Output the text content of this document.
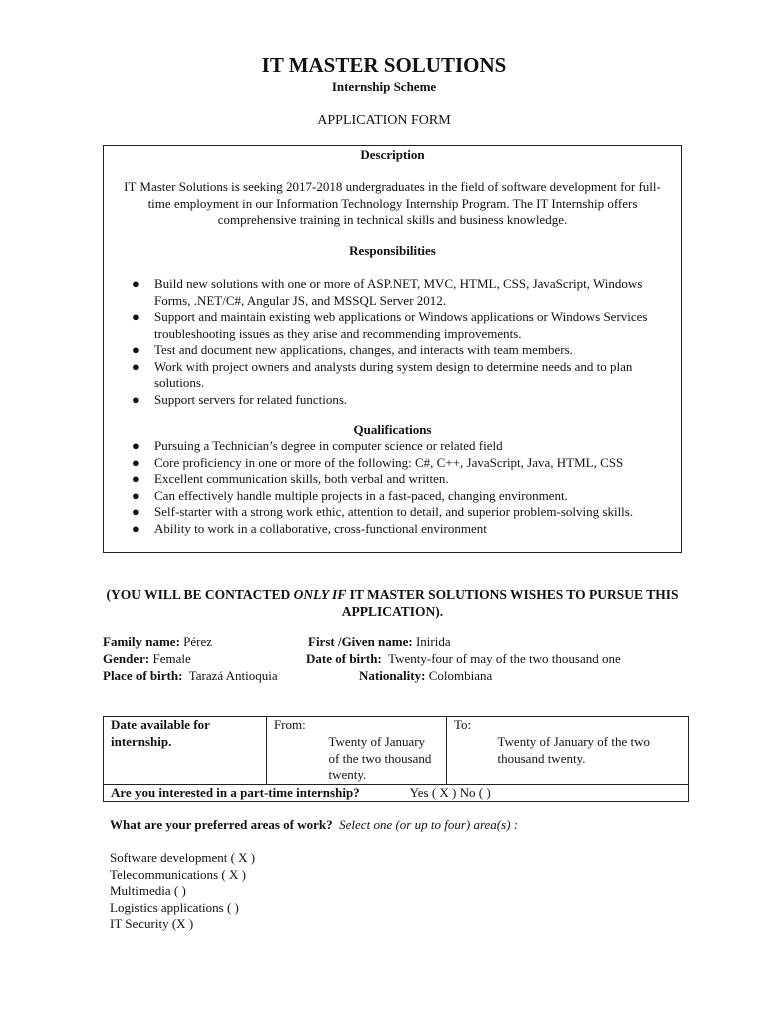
IT MASTER SOLUTIONS
Internship Scheme
APPLICATION FORM
Description
IT Master Solutions is seeking 2017-2018 undergraduates in the field of software development for full-time employment in our Information Technology Internship Program. The IT Internship offers comprehensive training in technical skills and business knowledge.
Responsibilities
● Build new solutions with one or more of ASP.NET, MVC, HTML, CSS, JavaScript, Windows Forms, .NET/C#, Angular JS, and MSSQL Server 2012.
● Support and maintain existing web applications or Windows applications or Windows Services troubleshooting issues as they arise and recommending improvements.
● Test and document new applications, changes, and interacts with team members.
● Work with project owners and analysts during system design to determine needs and to plan solutions.
● Support servers for related functions.
Qualifications
● Pursuing a Technician’s degree in computer science or related field
● Core proficiency in one or more of the following: C#, C++, JavaScript, Java, HTML, CSS
● Excellent communication skills, both verbal and written.
● Can effectively handle multiple projects in a fast-paced, changing environment.
● Self-starter with a strong work ethic, attention to detail, and superior problem-solving skills.
● Ability to work in a collaborative, cross-functional environment
(YOU WILL BE CONTACTED ONLY IF IT MASTER SOLUTIONS WISHES TO PURSUE THIS APPLICATION).
Family name: Pérez	First /Given name: Inirida
Gender: Female	Date of birth: Twenty-four of may of the two thousand one
Place of birth: Tarazá Antioquia	Nationality: Colombiana
Date available for internship.	From:	Twenty of January of the two thousand twenty.	To:	Twenty of January of the two thousand twenty.
Are you interested in a part-time internship?	Yes ( X ) No ( )
What are your preferred areas of work? Select one (or up to four) area(s) :
Software development ( X )
Telecommunications ( X )
Multimedia ( )
Logistics applications ( )
IT Security (X )
